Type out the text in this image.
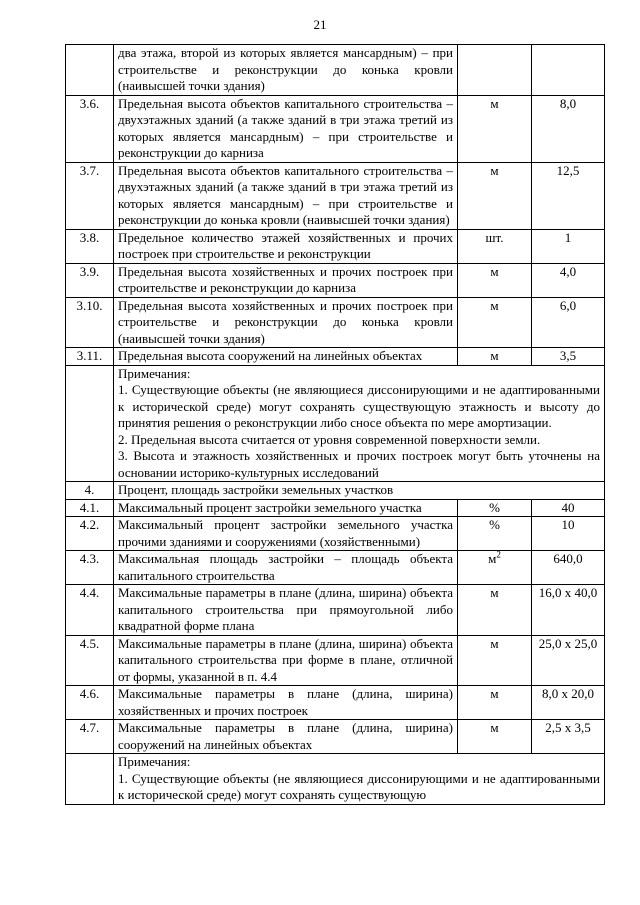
21
	два этажа, второй из которых является мансардным) – при строительстве и реконструкции до конька кровли (наивысшей точки здания)		
3.6.	Предельная высота объектов капитального строительства – двухэтажных зданий (а также зданий в три этажа третий из которых является мансардным) – при строительстве и реконструкции до карниза	м	8,0
3.7.	Предельная высота объектов капитального строительства – двухэтажных зданий (а также зданий в три этажа третий из которых является мансардным) – при строительстве и реконструкции до конька кровли (наивысшей точки здания)	м	12,5
3.8.	Предельное количество этажей хозяйственных и прочих построек при строительстве и реконструкции	шт.	1
3.9.	Предельная высота хозяйственных и прочих построек при строительстве и реконструкции до карниза	м	4,0
3.10.	Предельная высота хозяйственных и прочих построек при строительстве и реконструкции до конька кровли (наивысшей точки здания)	м	6,0
3.11.	Предельная высота сооружений на линейных объектах	м	3,5

	Примечания:
1. Существующие объекты (не являющиеся диссонирующими и не адаптированными к исторической среде) могут сохранять существующую этажность и высоту до принятия решения о реконструкции либо сносе объекта по мере амортизации.
2. Предельная высота считается от уровня современной поверхности земли.
3. Высота и этажность хозяйственных и прочих построек могут быть уточнены на основании историко-культурных исследований		

4.	Процент, площадь застройки земельных участков		
4.1.	Максимальный процент застройки земельного участка	%	40
4.2.	Максимальный процент застройки земельного участка прочими зданиями и сооружениями (хозяйственными)	%	10
4.3.	Максимальная площадь застройки – площадь объекта капитального строительства	$м^2$	640,0
4.4.	Максимальные параметры в плане (длина, ширина) объекта капитального строительства при прямоугольной либо квадратной форме плана	м	16,0 х 40,0
4.5.	Максимальные параметры в плане (длина, ширина) объекта капитального строительства при форме в плане, отличной от формы, указанной в п. 4.4	м	25,0 х 25,0
4.6.	Максимальные параметры в плане (длина, ширина) хозяйственных и прочих построек	м	8,0 х 20,0
4.7.	Максимальные параметры в плане (длина, ширина) сооружений на линейных объектах	м	2,5 х 3,5

	Примечания:
1. Существующие объекты (не являющиеся диссонирующими и не адаптированными к исторической среде) могут сохранять существующую		
